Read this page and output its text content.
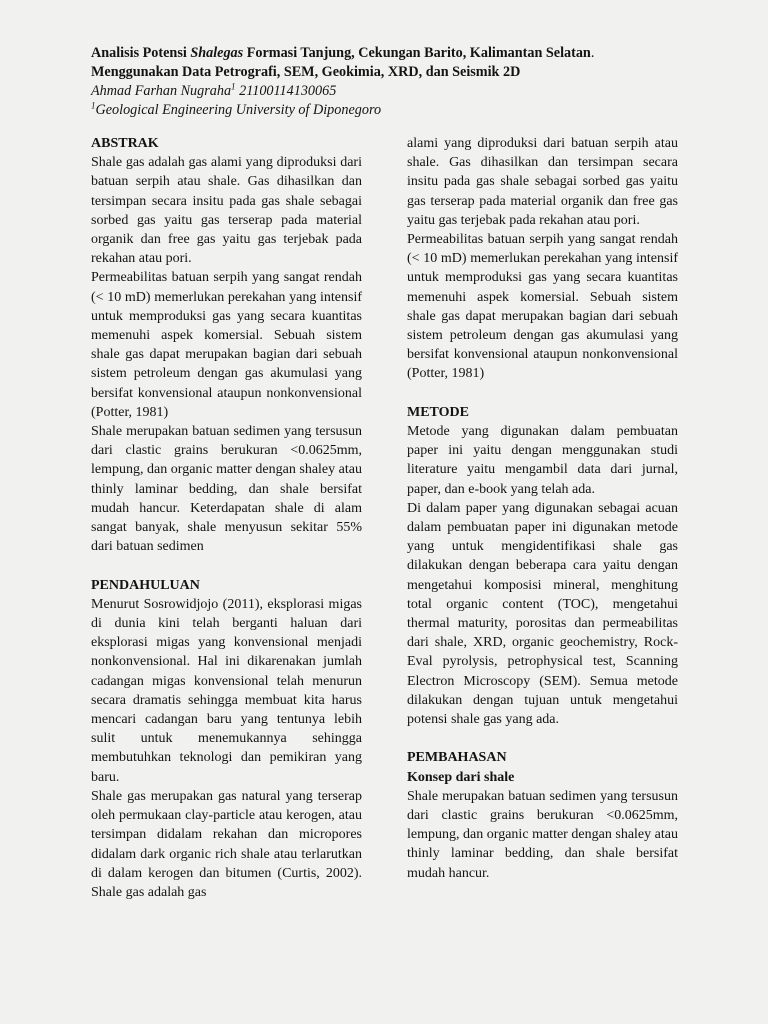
Analisis Potensi Shalegas Formasi Tanjung, Cekungan Barito, Kalimantan Selatan.
Menggunakan Data Petrografi, SEM, Geokimia, XRD, dan Seismik 2D
Ahmad Farhan Nugraha$^1$ 21100114130065
$^1$Geological Engineering University of Diponegoro
ABSTRAK

Shale gas adalah gas alami yang diproduksi dari batuan serpih atau shale. Gas dihasilkan dan tersimpan secara insitu pada gas shale sebagai sorbed gas yaitu gas terserap pada material organik dan free gas yaitu gas terjebak pada rekahan atau pori.

Permeabilitas batuan serpih yang sangat rendah (< 10 mD) memerlukan perekahan yang intensif untuk memproduksi gas yang secara kuantitas memenuhi aspek komersial. Sebuah sistem shale gas dapat merupakan bagian dari sebuah sistem petroleum dengan gas akumulasi yang bersifat konvensional ataupun nonkonvensional (Potter, 1981)

Shale merupakan batuan sedimen yang tersusun dari clastic grains berukuran <0.0625mm, lempung, dan organic matter dengan shaley atau thinly laminar bedding, dan shale bersifat mudah hancur. Keterdapatan shale di alam sangat banyak, shale menyusun sekitar 55% dari batuan sedimen

PENDAHULUAN

Menurut Sosrowidjojo (2011), eksplorasi migas di dunia kini telah berganti haluan dari eksplorasi migas yang konvensional menjadi nonkonvensional. Hal ini dikarenakan jumlah cadangan migas konvensional telah menurun secara dramatis sehingga membuat kita harus mencari cadangan baru yang tentunya lebih sulit untuk menemukannya sehingga membutuhkan teknologi dan pemikiran yang baru.

Shale gas merupakan gas natural yang terserap oleh permukaan clay-particle atau kerogen, atau tersimpan didalam rekahan dan micropores didalam dark organic rich shale atau terlarutkan di dalam kerogen dan bitumen (Curtis, 2002). Shale gas adalah gas

alami yang diproduksi dari batuan serpih atau shale. Gas dihasilkan dan tersimpan secara insitu pada gas shale sebagai sorbed gas yaitu gas terserap pada material organik dan free gas yaitu gas terjebak pada rekahan atau pori.

Permeabilitas batuan serpih yang sangat rendah (< 10 mD) memerlukan perekahan yang intensif untuk memproduksi gas yang secara kuantitas memenuhi aspek komersial. Sebuah sistem shale gas dapat merupakan bagian dari sebuah sistem petroleum dengan gas akumulasi yang bersifat konvensional ataupun nonkonvensional (Potter, 1981)

METODE

Metode yang digunakan dalam pembuatan paper ini yaitu dengan menggunakan studi literature yaitu mengambil data dari jurnal, paper, dan e-book yang telah ada.

Di dalam paper yang digunakan sebagai acuan dalam pembuatan paper ini digunakan metode yang untuk mengidentifikasi shale gas dilakukan dengan beberapa cara yaitu dengan mengetahui komposisi mineral, menghitung total organic content (TOC), mengetahui thermal maturity, porositas dan permeabilitas dari shale, XRD, organic geochemistry, Rock-Eval pyrolysis, petrophysical test, Scanning Electron Microscopy (SEM). Semua metode dilakukan dengan tujuan untuk mengetahui potensi shale gas yang ada.

PEMBAHASAN
Konsep dari shale

Shale merupakan batuan sedimen yang tersusun dari clastic grains berukuran <0.0625mm, lempung, dan organic matter dengan shaley atau thinly laminar bedding, dan shale bersifat mudah hancur.
